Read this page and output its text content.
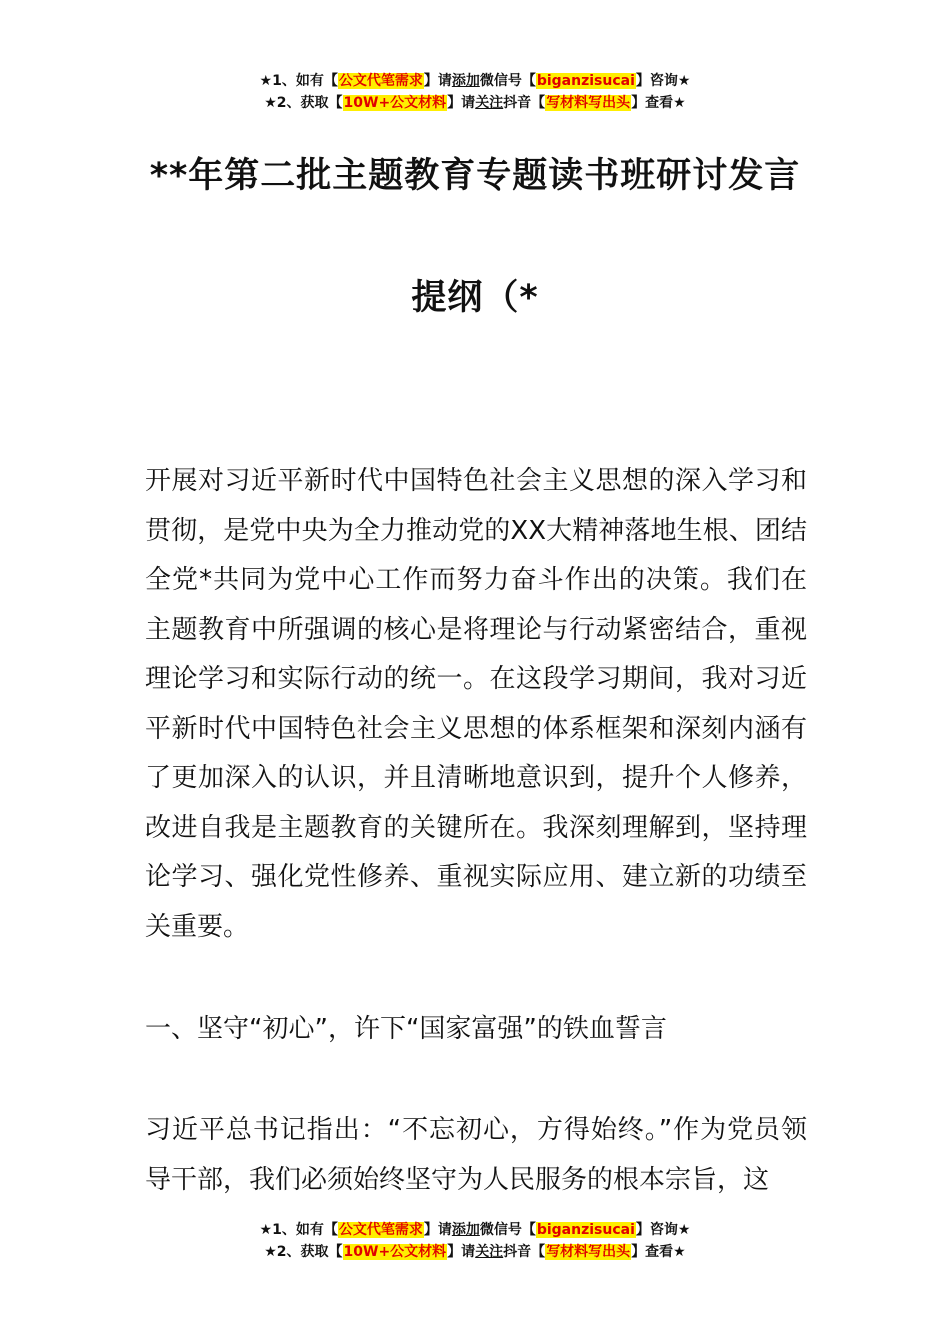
★1、如有【公文代笔需求】请添加微信号【biganzisucai】咨询★
★2、获取【10W+公文材料】请关注抖音【写材料写出头】查看★
**年第二批主题教育专题读书班研讨发言
提纲（*
开展对习近平新时代中国特色社会主义思想的深入学习和贯彻，是党中央为全力推动党的XX大精神落地生根、团结全党*共同为党中心工作而努力奋斗作出的决策。我们在主题教育中所强调的核心是将理论与行动紧密结合，重视理论学习和实际行动的统一。在这段学习期间，我对习近平新时代中国特色社会主义思想的体系框架和深刻内涵有了更加深入的认识，并且清晰地意识到，提升个人修养，改进自我是主题教育的关键所在。我深刻理解到，坚持理论学习、强化党性修养、重视实际应用、建立新的功绩至关重要。
一、坚守“初心”，许下“国家富强”的铁血誓言
习近平总书记指出：“不忘初心，方得始终。”作为党员领导干部，我们必须始终坚守为人民服务的根本宗旨，这
★1、如有【公文代笔需求】请添加微信号【biganzisucai】咨询★
★2、获取【10W+公文材料】请关注抖音【写材料写出头】查看★
